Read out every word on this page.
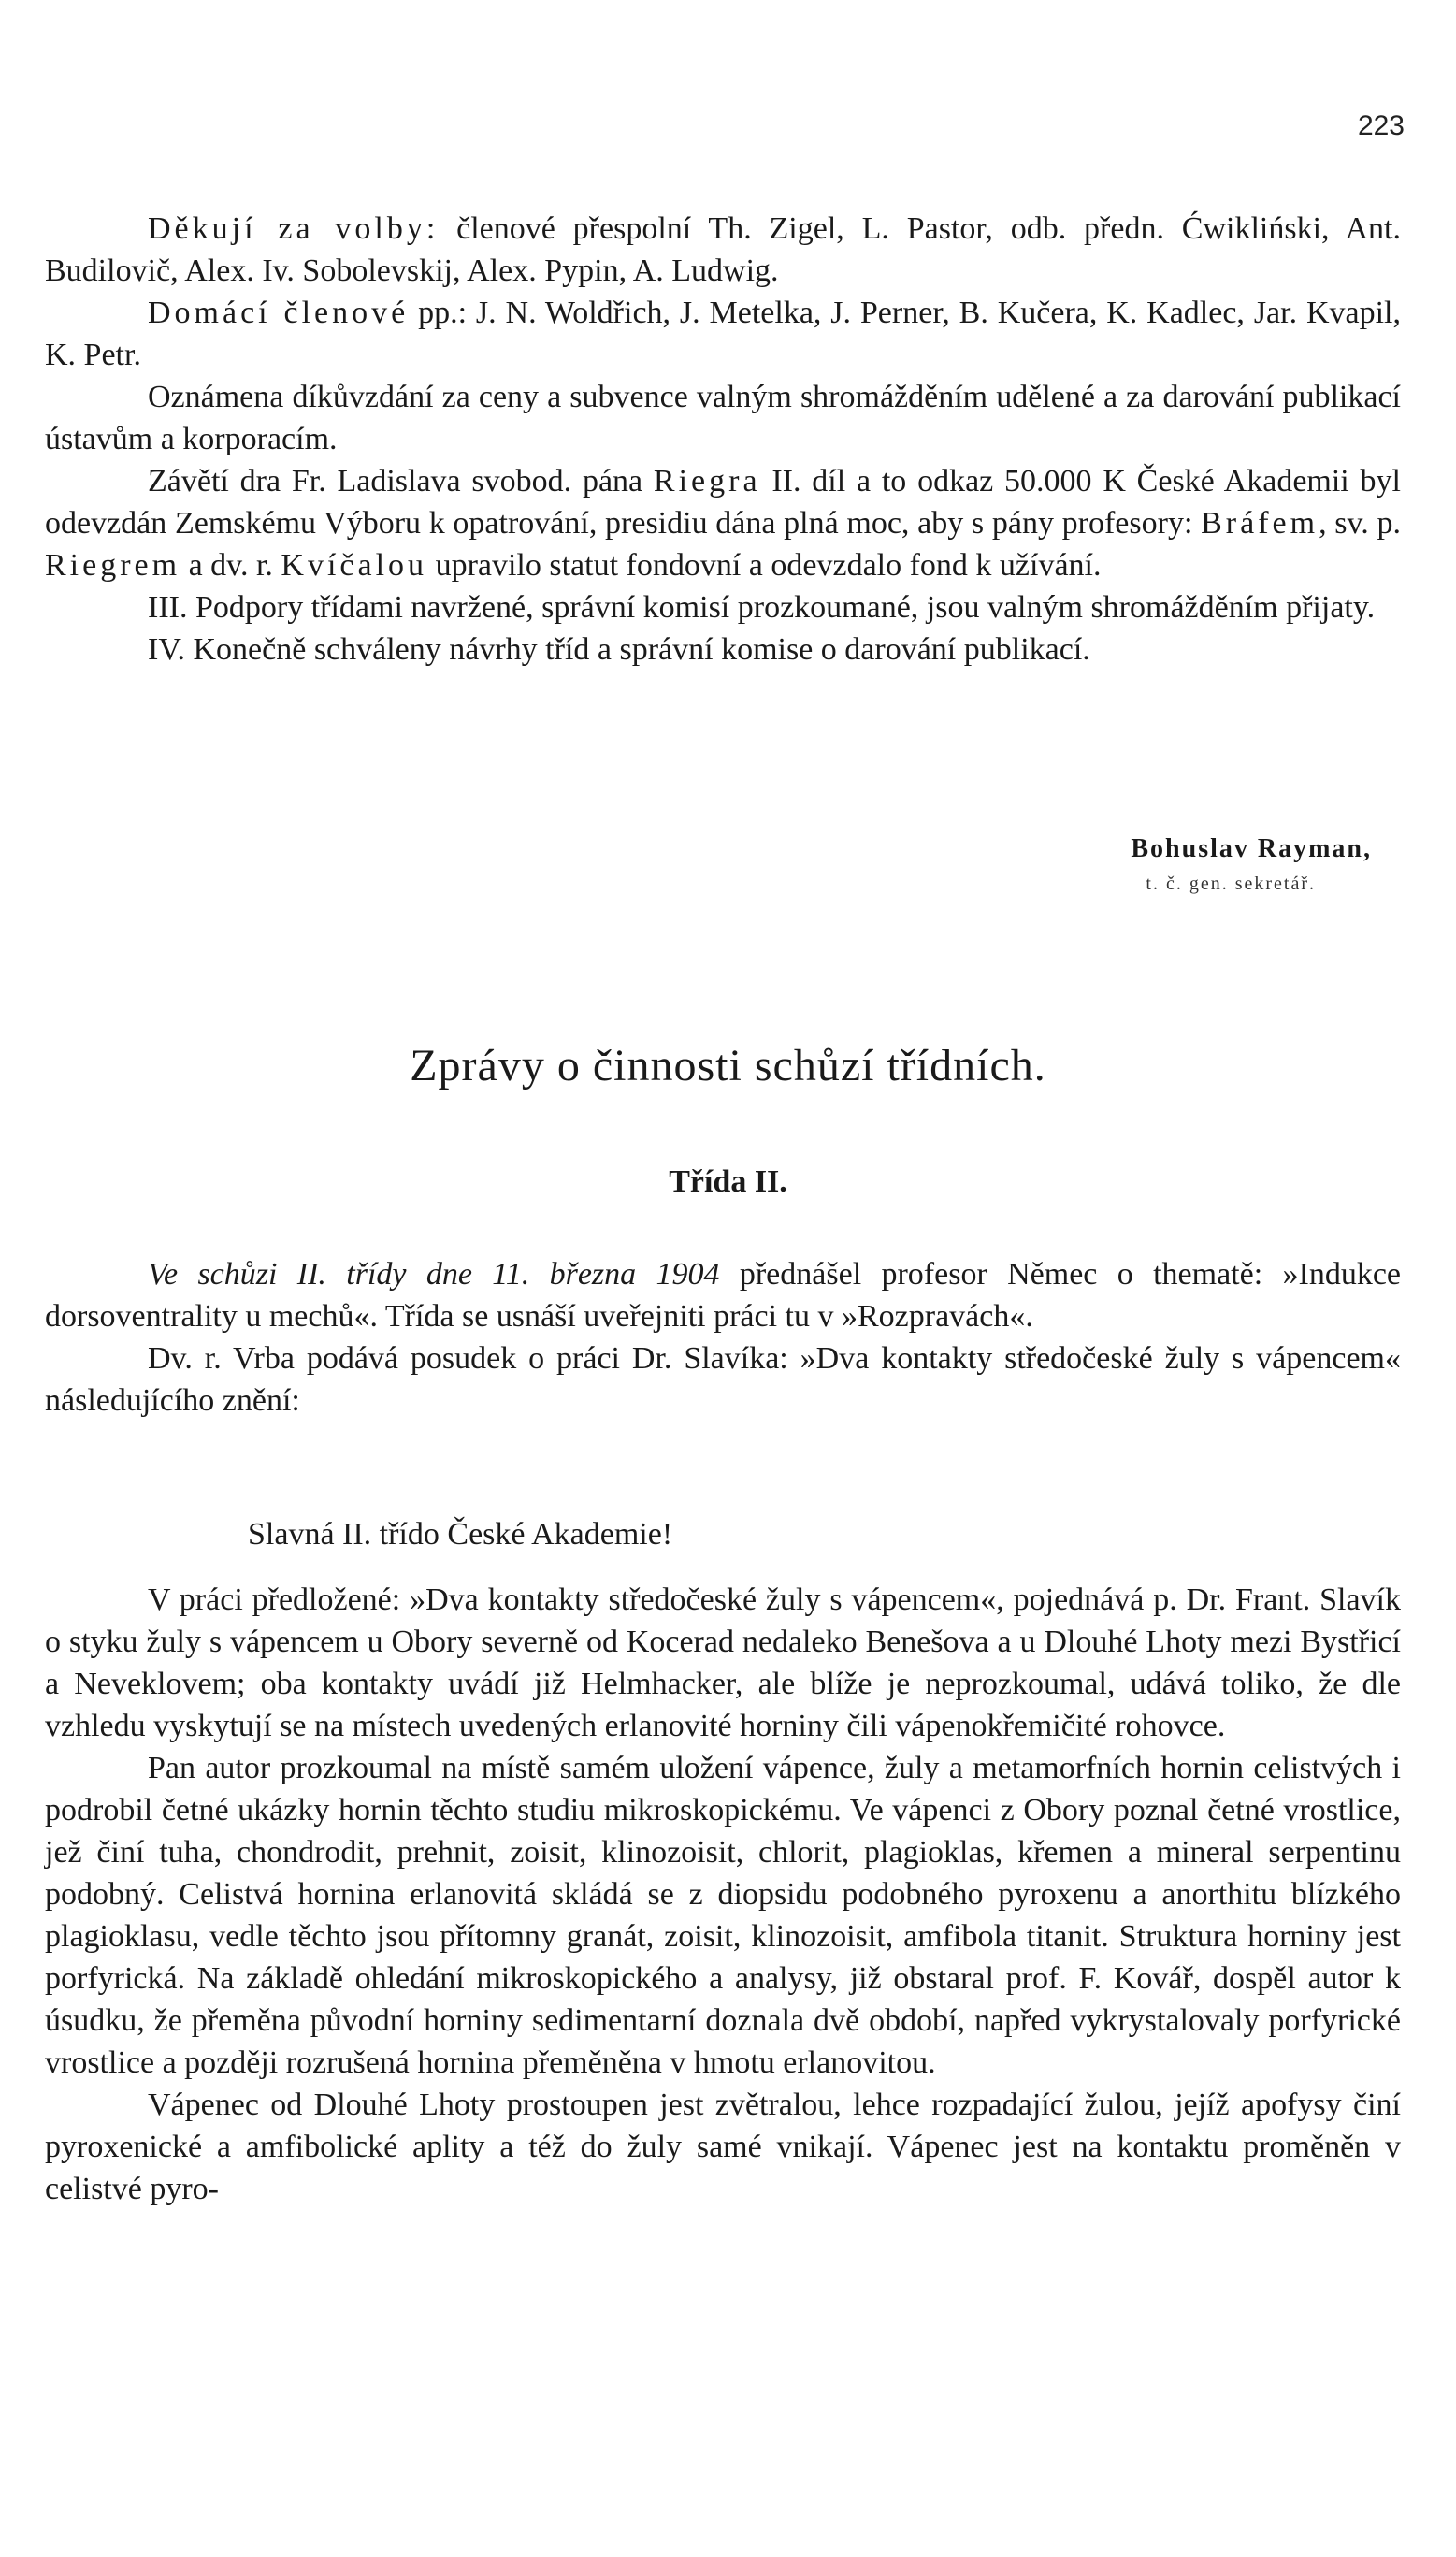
223

Děkují za volby: členové přespolní Th. Zigel, L. Pastor, odb. předn. Ćwikliński, Ant. Budilovič, Alex. Iv. Sobolevskij, Alex. Pypin, A. Ludwig.

Domácí členové pp.: J. N. Woldřich, J. Metelka, J. Perner, B. Kučera, K. Kadlec, Jar. Kvapil, K. Petr.

Oznámena díkůvzdání za ceny a subvence valným shromážděním udělené a za darování publikací ústavům a korporacím.

Závětí dra Fr. Ladislava svobod. pána Riegra II. díl a to odkaz 50.000 K České Akademii byl odevzdán Zemskému Výboru k opatrování, presidiu dána plná moc, aby s pány profesory: Bráfem, sv. p. Riegrem a dv. r. Kvíčalou upravilo statut fondovní a odevzdalo fond k užívání.

III. Podpory třídami navržené, správní komisí prozkoumané, jsou valným shromážděním přijaty.

IV. Konečně schváleny návrhy tříd a správní komise o darování publikací.

Bohuslav Rayman,
t. č. gen. sekretář.
Zprávy o činnosti schůzí třídních.
Třída II.

Ve schůzi II. třídy dne 11. března 1904 přednášel profesor Němec o thematě: »Indukce dorsoventrality u mechů«. Třída se usnáší uveřejniti práci tu v »Rozpravách«.

Dv. r. Vrba podává posudek o práci Dr. Slavíka: »Dva kontakty středočeské žuly s vápencem« následujícího znění:

Slavná II. třído České Akademie!

V práci předložené: »Dva kontakty středočeské žuly s vápencem«, pojednává p. Dr. Frant. Slavík o styku žuly s vápencem u Obory severně od Kocerad nedaleko Benešova a u Dlouhé Lhoty mezi Bystřicí a Neveklovem; oba kontakty uvádí již Helmhacker, ale blíže je neprozkoumal, udává toliko, že dle vzhledu vyskytují se na místech uvedených erlanovité horniny čili vápenokřemičité rohovce.

Pan autor prozkoumal na místě samém uložení vápence, žuly a metamorfních hornin celistvých i podrobil četné ukázky hornin těchto studiu mikroskopickému. Ve vápenci z Obory poznal četné vrostlice, jež činí tuha, chondrodit, prehnit, zoisit, klinozoisit, chlorit, plagioklas, křemen a mineral serpentinu podobný. Celistvá hornina erlanovitá skládá se z diopsidu podobného pyroxenu a anorthitu blízkého plagioklasu, vedle těchto jsou přítomny granát, zoisit, klinozoisit, amfibola titanit. Struktura horniny jest porfyrická. Na základě ohledání mikroskopického a analysy, již obstaral prof. F. Kovář, dospěl autor k úsudku, že přeměna původní horniny sedimentarní doznala dvě období, napřed vykrystalovaly porfyrické vrostlice a později rozrušená hornina přeměněna v hmotu erlanovitou.

Vápenec od Dlouhé Lhoty prostoupen jest zvětralou, lehce rozpadající žulou, jejíž apofysy činí pyroxenické a amfibolické aplity a též do žuly samé vnikají. Vápenec jest na kontaktu proměněn v celistvé pyro-
